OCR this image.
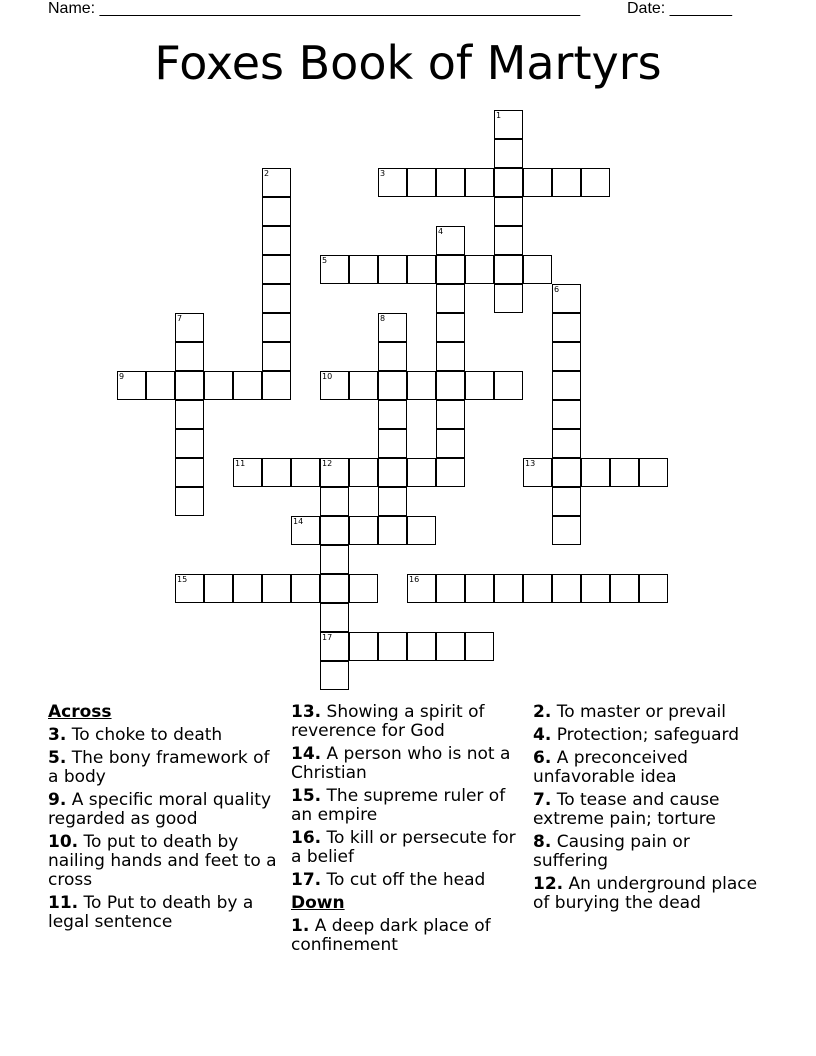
Name: ______________________________________________________	Date: _______
Foxes Book of Martyrs
1
2	3
4
5
6
7	8
9	10
11	12
17
13
14
15	16
Across
3. To choke to death
5. The bony framework of a body
9. A specific moral quality regarded as good
10. To put to death by nailing hands and feet to a cross
11. To Put to death by a legal sentence
13. Showing a spirit of reverence for God
14. A person who is not a Christian
15. The supreme ruler of an empire
16. To kill or persecute for a belief
17. To cut off the head
Down
1. A deep dark place of confinement
2. To master or prevail
4. Protection; safeguard
6. A preconceived unfavorable idea
7. To tease and cause extreme pain; torture
8. Causing pain or suffering
12. An underground place of burying the dead
